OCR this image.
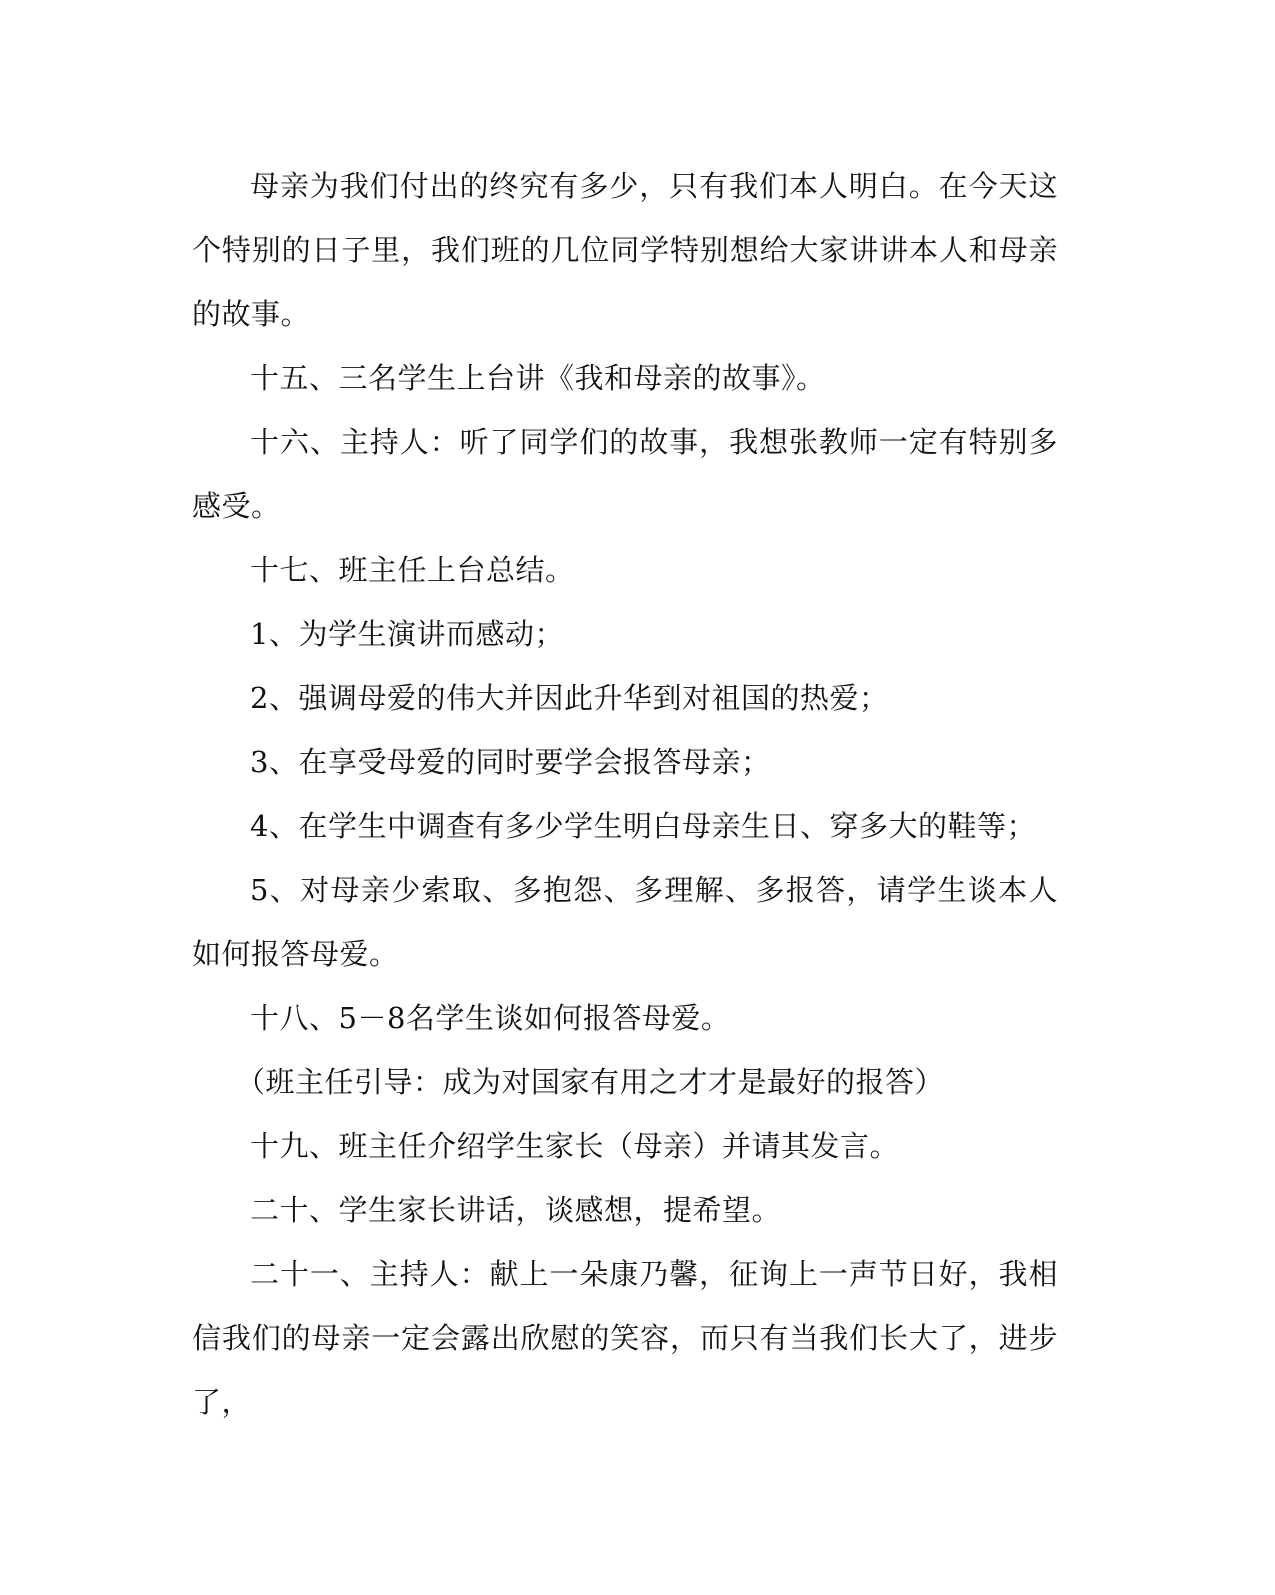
母亲为我们付出的终究有多少，只有我们本人明白。在今天这个特别的日子里，我们班的几位同学特别想给大家讲讲本人和母亲的故事。

十五、三名学生上台讲《我和母亲的故事》。

十六、主持人：听了同学们的故事，我想张教师一定有特别多感受。

十七、班主任上台总结。

1、为学生演讲而感动；

2、强调母爱的伟大并因此升华到对祖国的热爱；

3、在享受母爱的同时要学会报答母亲；

4、在学生中调查有多少学生明白母亲生日、穿多大的鞋等；

5、对母亲少索取、多抱怨、多理解、多报答，请学生谈本人如何报答母爱。

十八、5－8名学生谈如何报答母爱。

（班主任引导：成为对国家有用之才才是最好的报答）

十九、班主任介绍学生家长（母亲）并请其发言。

二十、学生家长讲话，谈感想，提希望。

二十一、主持人：献上一朵康乃馨，征询上一声节日好，我相信我们的母亲一定会露出欣慰的笑容，而只有当我们长大了，进步了，
